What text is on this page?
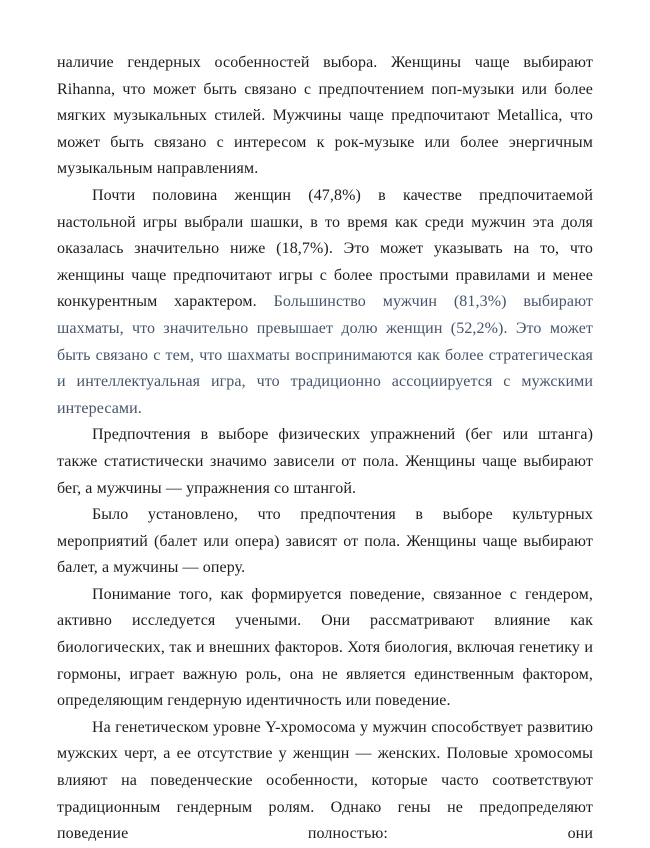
наличие гендерных особенностей выбора. Женщины чаще выбирают Rihanna, что может быть связано с предпочтением поп-музыки или более мягких музыкальных стилей. Мужчины чаще предпочитают Metallica, что может быть связано с интересом к рок-музыке или более энергичным музыкальным направлениям.

Почти половина женщин (47,8%) в качестве предпочитаемой настольной игры выбрали шашки, в то время как среди мужчин эта доля оказалась значительно ниже (18,7%). Это может указывать на то, что женщины чаще предпочитают игры с более простыми правилами и менее конкурентным характером. Большинство мужчин (81,3%) выбирают шахматы, что значительно превышает долю женщин (52,2%). Это может быть связано с тем, что шахматы воспринимаются как более стратегическая и интеллектуальная игра, что традиционно ассоциируется с мужскими интересами.

Предпочтения в выборе физических упражнений (бег или штанга) также статистически значимо зависели от пола. Женщины чаще выбирают бег, а мужчины — упражнения со штангой.

Было установлено, что предпочтения в выборе культурных мероприятий (балет или опера) зависят от пола. Женщины чаще выбирают балет, а мужчины — оперу.

Понимание того, как формируется поведение, связанное с гендером, активно исследуется учеными. Они рассматривают влияние как биологических, так и внешних факторов. Хотя биология, включая генетику и гормоны, играет важную роль, она не является единственным фактором, определяющим гендерную идентичность или поведение.

На генетическом уровне Y-хромосома у мужчин способствует развитию мужских черт, а ее отсутствие у женщин — женских. Половые хромосомы влияют на поведенческие особенности, которые часто соответствуют традиционным гендерным ролям. Однако гены не предопределяют поведение полностью: они
